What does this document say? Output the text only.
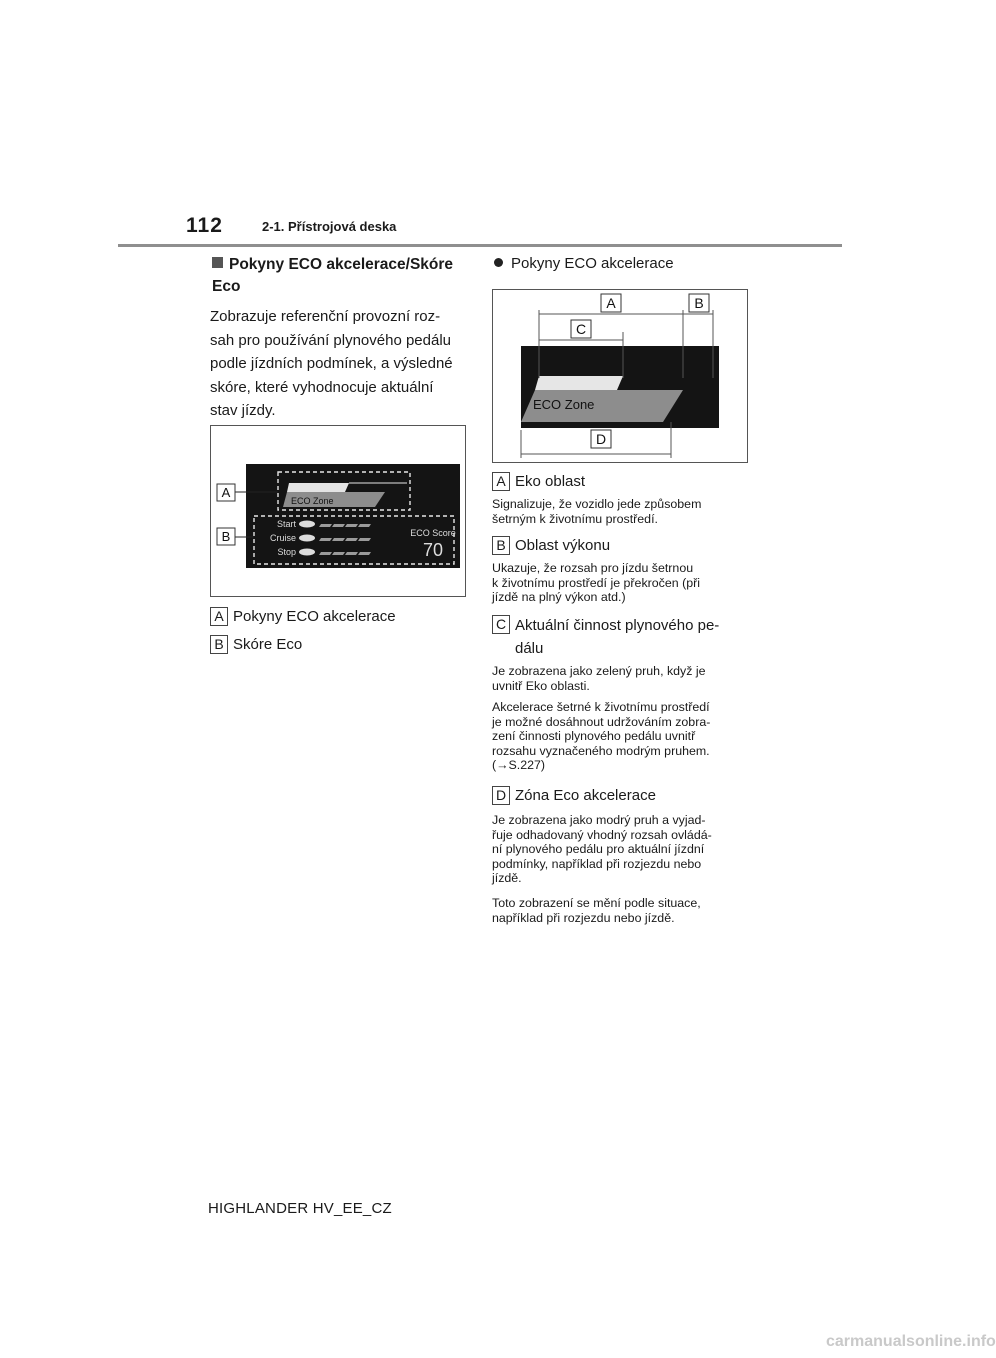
112	2-1. Přístrojová deska
Pokyny ECO akcelerace/Skóre Eco
Zobrazuje referenční provozní roz-
sah pro používání plynového pedálu
podle jízdních podmínek, a výsledné
skóre, které vyhodnocuje aktuální
stav jízdy.
ECO Zone
Start
Cruise
Stop
ECO Score
70
A
B
A Pokyny ECO akcelerace
B Skóre Eco
Pokyny ECO akcelerace
ECO Zone
A	B
C
D
A Eko oblast
Signalizuje, že vozidlo jede způsobem
šetrným k životnímu prostředí.
B Oblast výkonu
Ukazuje, že rozsah pro jízdu šetrnou
k životnímu prostředí je překročen (při
jízdě na plný výkon atd.)
C Aktuální činnost plynového pe-
dálu
Je zobrazena jako zelený pruh, když je
uvnitř Eko oblasti.
Akcelerace šetrné k životnímu prostředí
je možné dosáhnout udržováním zobra-
zení činnosti plynového pedálu uvnitř
rozsahu vyznačeného modrým pruhem.
(→S.227)
D Zóna Eco akcelerace
Je zobrazena jako modrý pruh a vyjad-
řuje odhadovaný vhodný rozsah ovládá-
ní plynového pedálu pro aktuální jízdní
podmínky, například při rozjezdu nebo
jízdě.
Toto zobrazení se mění podle situace,
například při rozjezdu nebo jízdě.
HIGHLANDER HV_EE_CZ
carmanualsonline.info
